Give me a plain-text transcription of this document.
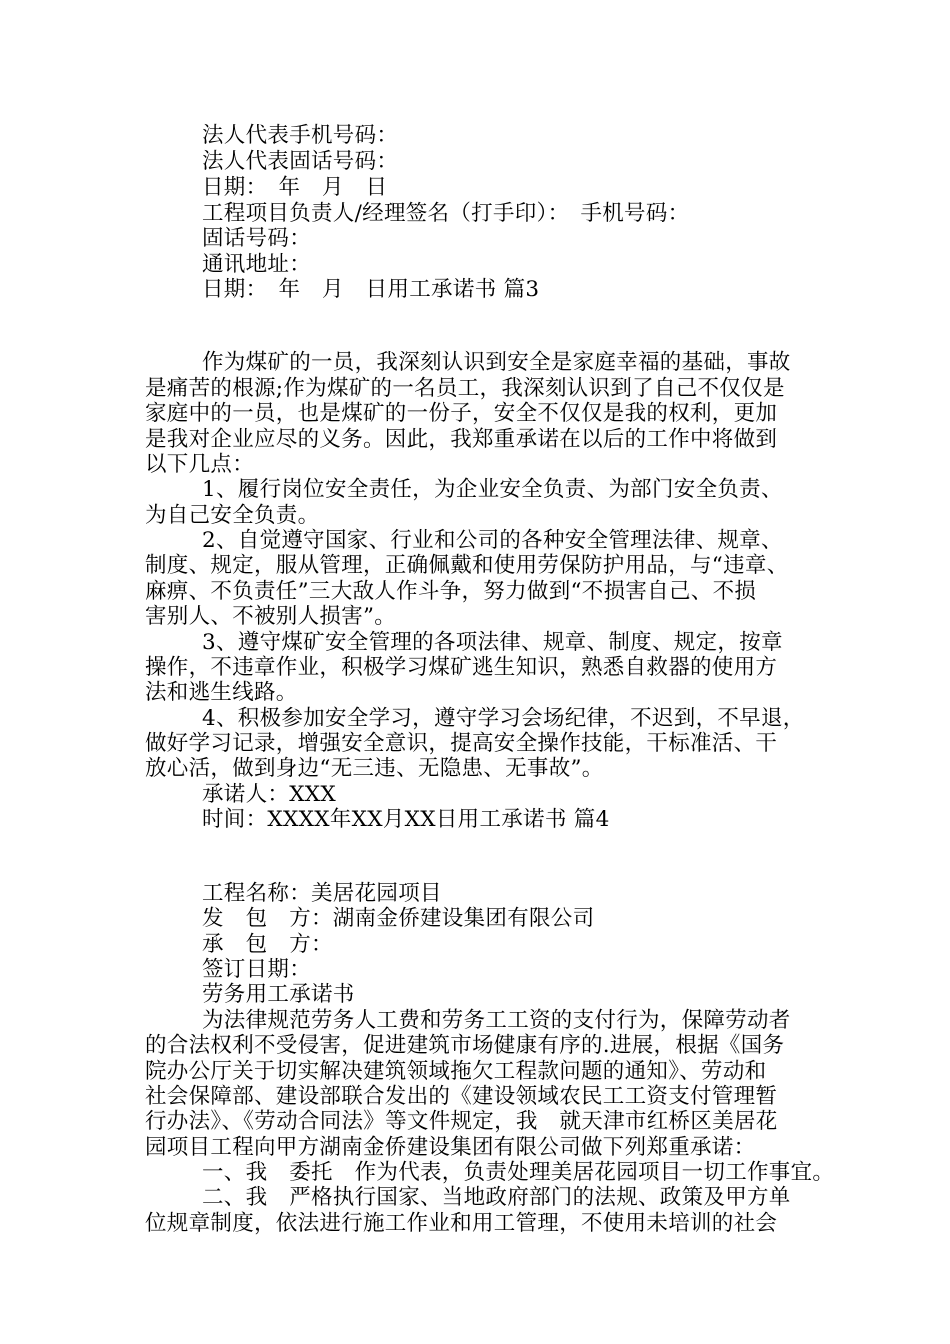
法人代表手机号码：
法人代表固话号码：
日期：　年　月　日
工程项目负责人/经理签名（打手印）：　手机号码：
固话号码：
通讯地址：
日期：　年　月　日用工承诺书 篇3
作为煤矿的一员，我深刻认识到安全是家庭幸福的基础，事故
是痛苦的根源;作为煤矿的一名员工，我深刻认识到了自己不仅仅是
家庭中的一员，也是煤矿的一份子，安全不仅仅是我的权利，更加
是我对企业应尽的义务。因此，我郑重承诺在以后的工作中将做到
以下几点：
1、履行岗位安全责任，为企业安全负责、为部门安全负责、
为自己安全负责。
2、自觉遵守国家、行业和公司的各种安全管理法律、规章、
制度、规定，服从管理，正确佩戴和使用劳保防护用品，与“违章、
麻痹、不负责任”三大敌人作斗争，努力做到“不损害自己、不损
害别人、不被别人损害”。
3、遵守煤矿安全管理的各项法律、规章、制度、规定，按章
操作，不违章作业，积极学习煤矿逃生知识，熟悉自救器的使用方
法和逃生线路。
4、积极参加安全学习，遵守学习会场纪律，不迟到，不早退，
做好学习记录，增强安全意识，提高安全操作技能，干标准活、干
放心活，做到身边“无三违、无隐患、无事故”。
承诺人：XXX
时间：XXXX年XX月XX日用工承诺书 篇4
工程名称：美居花园项目
发　包　方：湖南金侨建设集团有限公司
承　包　方：
签订日期：
劳务用工承诺书
为法律规范劳务人工费和劳务工工资的支付行为，保障劳动者
的合法权利不受侵害，促进建筑市场健康有序的.进展，根据《国务
院办公厅关于切实解决建筑领域拖欠工程款问题的通知》、劳动和
社会保障部、建设部联合发出的《建设领域农民工工资支付管理暂
行办法》、《劳动合同法》等文件规定，我　就天津市红桥区美居花
园项目工程向甲方湖南金侨建设集团有限公司做下列郑重承诺：
一、我　委托　作为代表，负责处理美居花园项目一切工作事宜。
二、我　严格执行国家、当地政府部门的法规、政策及甲方单
位规章制度，依法进行施工作业和用工管理，不使用未培训的社会
